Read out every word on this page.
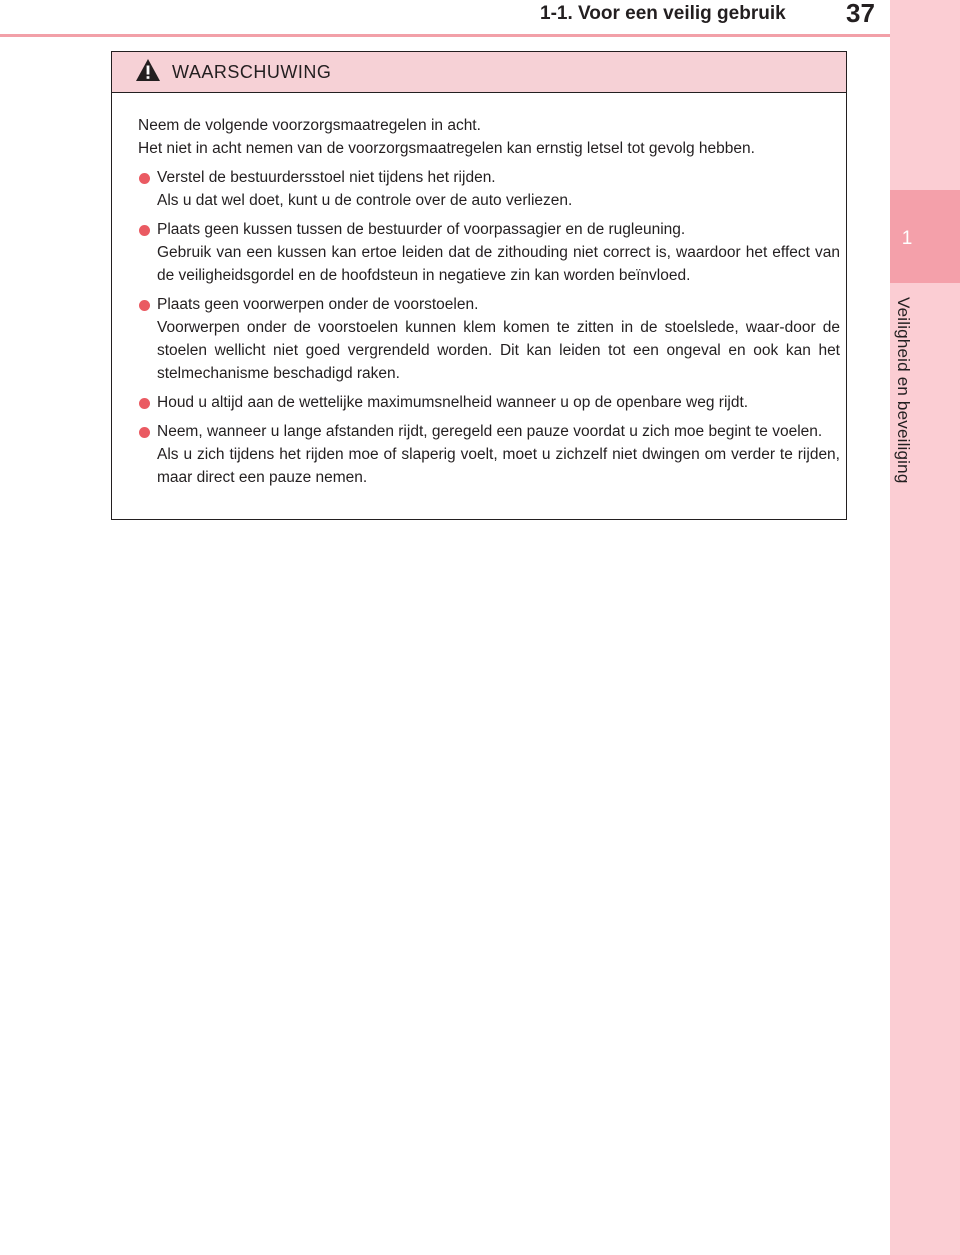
1
Veiligheid en beveiliging
1-1. Voor een veilig gebruik 37
WAARSCHUWING

Neem de volgende voorzorgsmaatregelen in acht.

Het niet in acht nemen van de voorzorgsmaatregelen kan ernstig letsel tot gevolg hebben.

Verstel de bestuurdersstoel niet tijdens het rijden.

Als u dat wel doet, kunt u de controle over de auto verliezen.

Plaats geen kussen tussen de bestuurder of voorpassagier en de rugleuning.

Gebruik van een kussen kan ertoe leiden dat de zithouding niet correct is, waardoor het effect van de veiligheidsgordel en de hoofdsteun in negatieve zin kan worden beïnvloed.

Plaats geen voorwerpen onder de voorstoelen.

Voorwerpen onder de voorstoelen kunnen klem komen te zitten in de stoelslede, waar-door de stoelen wellicht niet goed vergrendeld worden. Dit kan leiden tot een ongeval en ook kan het stelmechanisme beschadigd raken.

Houd u altijd aan de wettelijke maximumsnelheid wanneer u op de openbare weg rijdt.

Neem, wanneer u lange afstanden rijdt, geregeld een pauze voordat u zich moe begint te voelen.

Als u zich tijdens het rijden moe of slaperig voelt, moet u zichzelf niet dwingen om verder te rijden, maar direct een pauze nemen.
